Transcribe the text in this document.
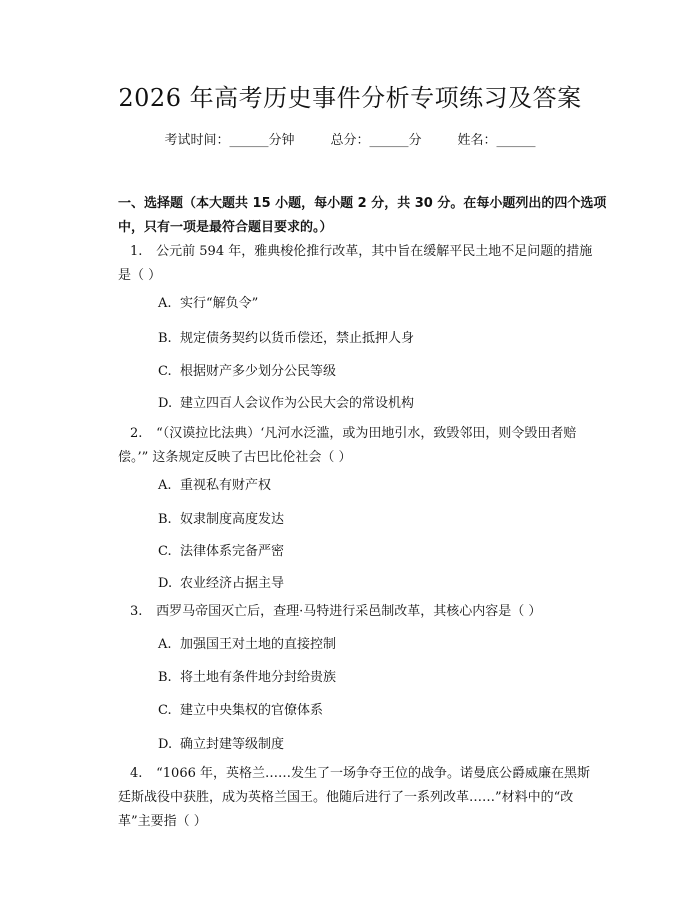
2026 年高考历史事件分析专项练习及答案
考试时间：______分钟	总分：______分	姓名：______
一、选择题（本大题共 15 小题，每小题 2 分，共 30 分。在每小题列出的四个选项中，只有一项是最符合题目要求的。）
1. 公元前 594 年，雅典梭伦推行改革，其中旨在缓解平民土地不足问题的措施是（ ）
A. 实行“解负令”
B. 规定债务契约以货币偿还，禁止抵押人身
C. 根据财产多少划分公民等级
D. 建立四百人会议作为公民大会的常设机构
2. “（汉谟拉比法典）‘凡河水泛滥，或为田地引水，致毁邻田，则令毁田者赔偿。’” 这条规定反映了古巴比伦社会（ ）
A. 重视私有财产权
B. 奴隶制度高度发达
C. 法律体系完备严密
D. 农业经济占据主导
3. 西罗马帝国灭亡后，查理·马特进行采邑制改革，其核心内容是（ ）
A. 加强国王对土地的直接控制
B. 将土地有条件地分封给贵族
C. 建立中央集权的官僚体系
D. 确立封建等级制度
4. “1066 年，英格兰……发生了一场争夺王位的战争。诺曼底公爵威廉在黑斯廷斯战役中获胜，成为英格兰国王。他随后进行了一系列改革……”材料中的“改革”主要指（ ）
